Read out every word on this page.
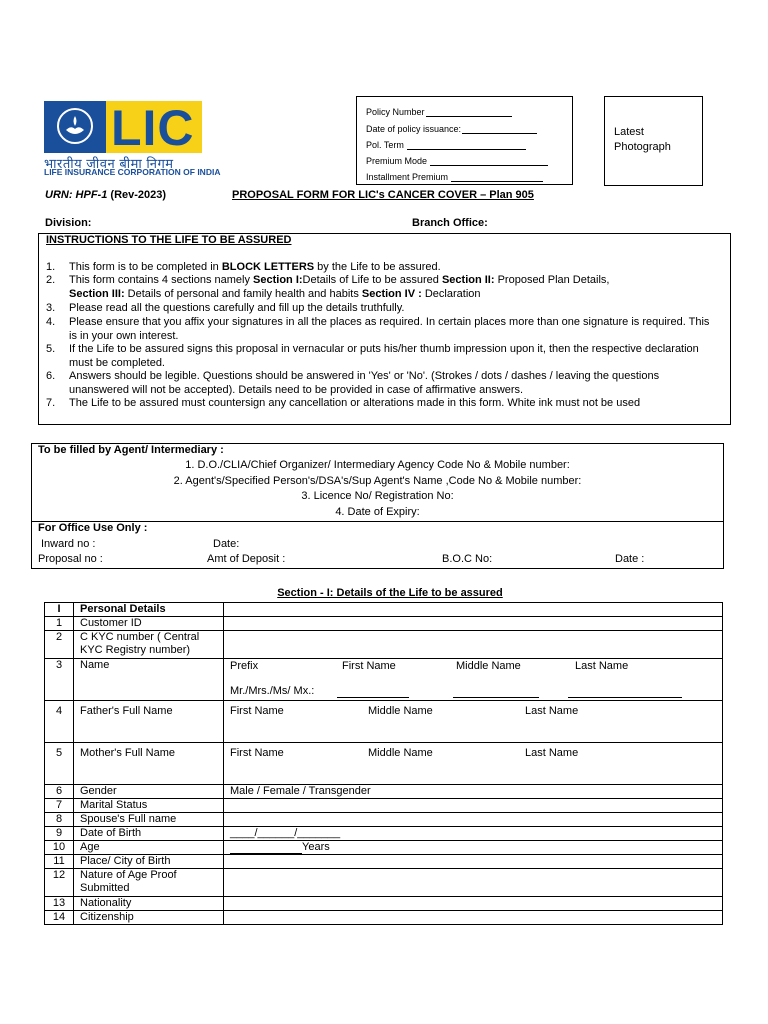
LIC
भारतीय जीवन बीमा निगम
LIFE INSURANCE CORPORATION OF INDIA
Policy Number
Date of policy issuance:
Pol. Term
Premium Mode
Installment Premium
Latest
Photograph
URN: HPF-1 (Rev-2023)	PROPOSAL FORM FOR LIC's CANCER COVER – Plan 905
Division:	Branch Office:
INSTRUCTIONS TO THE LIFE TO BE ASSURED
1. This form is to be completed in BLOCK LETTERS by the Life to be assured.
2. This form contains 4 sections namely Section I:Details of Life to be assured Section II: Proposed Plan Details,
Section III: Details of personal and family health and habits Section IV : Declaration
3. Please read all the questions carefully and fill up the details truthfully.
4. Please ensure that you affix your signatures in all the places as required. In certain places more than one signature is required. This is in your own interest.
5. If the Life to be assured signs this proposal in vernacular or puts his/her thumb impression upon it, then the respective declaration must be completed.
6. Answers should be legible. Questions should be answered in 'Yes' or 'No'. (Strokes / dots / dashes / leaving the questions unanswered will not be accepted). Details need to be provided in case of affirmative answers.
7. The Life to be assured must countersign any cancellation or alterations made in this form. White ink must not be used
To be filled by Agent/ Intermediary :
1. D.O./CLIA/Chief Organizer/ Intermediary Agency Code No & Mobile number:
2. Agent's/Specified Person's/DSA's/Sup Agent's Name ,Code No & Mobile number:
3. Licence No/ Registration No:
4. Date of Expiry:
For Office Use Only :
Inward no :	Date:
Proposal no :	Amt of Deposit :	B.O.C No:	Date :
Section - I: Details of the Life to be assured
I	Personal Details	
1	Customer ID	
2	C KYC number ( Central KYC Registry number)	
3	Name	Prefix First Name Middle Name Last Name
Mr./Mrs./Ms/ Mx.:

4	Father's Full Name	First Name Middle Name Last Name

5	Mother's Full Name	First Name Middle Name Last Name

6	Gender	Male / Female / Transgender
7	Marital Status	
8	Spouse's Full name	
9	Date of Birth	____/______/_______
10	Age	Years
11	Place/ City of Birth	
12	Nature of Age Proof Submitted	
13	Nationality	
14	Citizenship	
